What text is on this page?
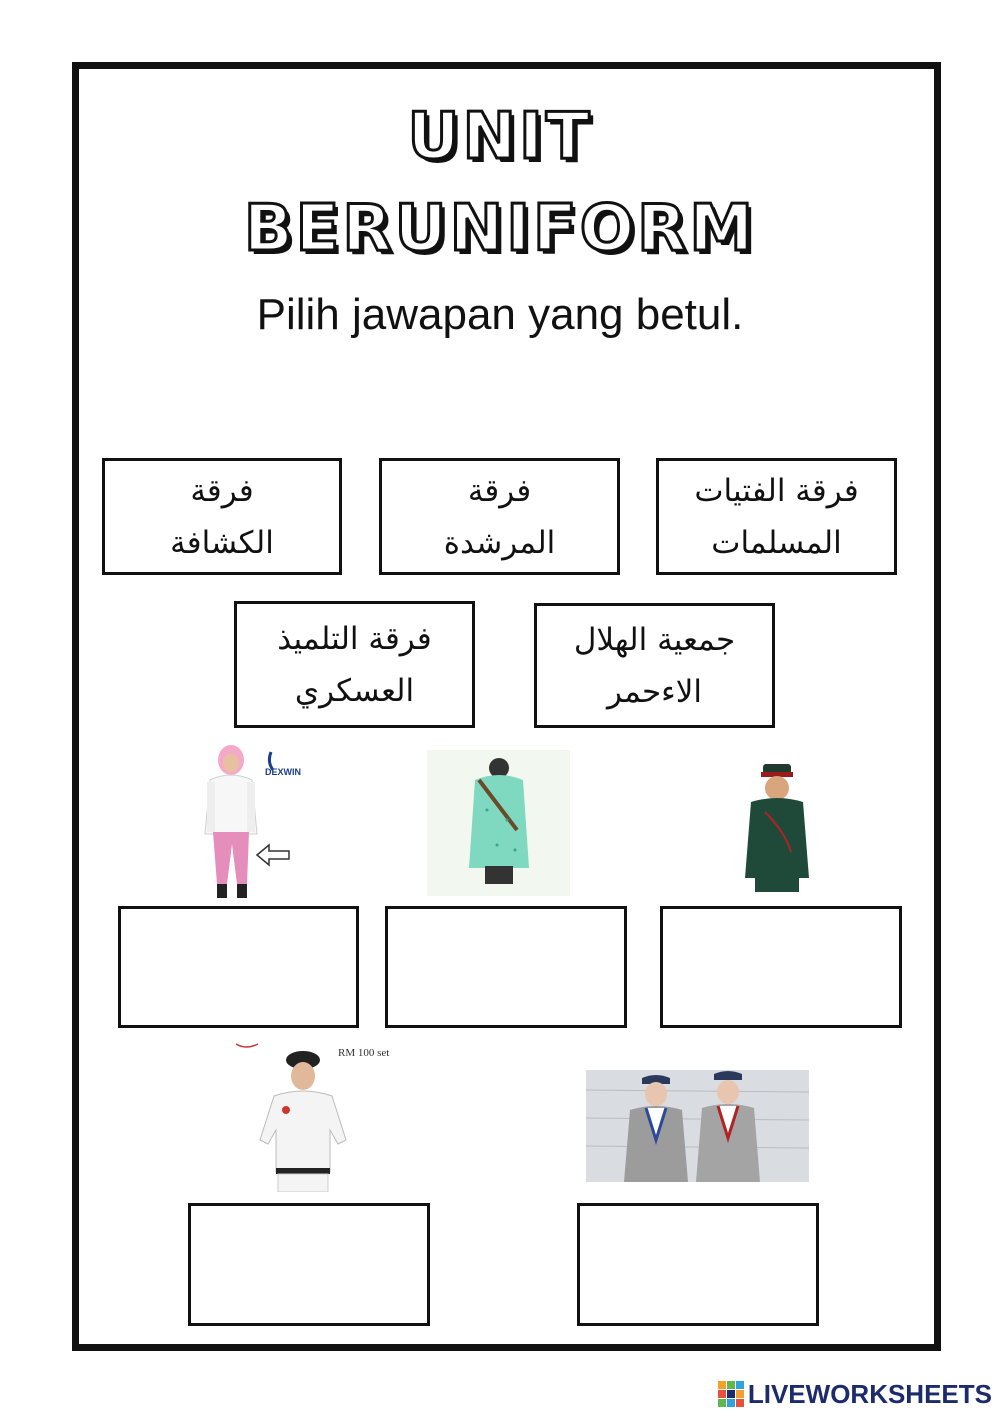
UNIT
BERUNIFORM
Pilih jawapan yang betul.
فرقة
الكشافة
فرقة
المرشدة
فرقة الفتيات
المسلمات
فرقة التلميذ
العسكري
جمعية الهلال
الاءحمر
DEXWIN
RM 100 set
LIVEWORKSHEETS
